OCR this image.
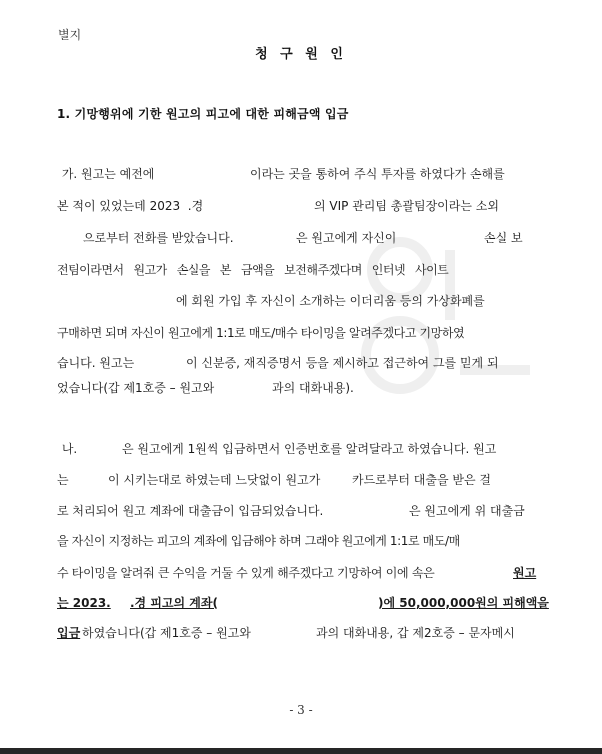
별지
청 구 원 인
1. 기망행위에 기한 원고의 피고에 대한 피해금액 입금
가. 원고는 예전에	이라는 곳을 통하여 주식 투자를 하였다가 손해를
본 적이 있었는데 2023  .경	의 VIP 관리팀 총괄팀장이라는 소외
으로부터 전화를 받았습니다.	은 원고에게 자신이	손실 보
전팀이라면서   원고가   손실을   본   금액을   보전해주겠다며   인터넷   사이트
에 회원 가입 후 자신이 소개하는 이더리움 등의 가상화폐를
구매하면 되며 자신이 원고에게 1:1로 매도/매수 타이밍을 알려주겠다고 기망하였
습니다. 원고는	이 신분증, 재직증명서 등을 제시하고 접근하여 그를 믿게 되
었습니다(갑 제1호증 – 원고와	과의 대화내용).
나.	은 원고에게 1원씩 입금하면서 인증번호를 알려달라고 하였습니다. 원고
는	이 시키는대로 하였는데 느닷없이 원고가	카드로부터 대출을 받은 걸
로 처리되어 원고 계좌에 대출금이 입금되었습니다.	은 원고에게 위 대출금
을 자신이 지정하는 피고의 계좌에 입금해야 하며 그래야 원고에게 1:1로 매도/매
수 타이밍을 알려줘 큰 수익을 거둘 수 있게 해주겠다고 기망하여 이에 속은	원고
는 2023. .경 피고의 계좌(	)에 50,000,000원의 피해액을
입금 하였습니다(갑 제1호증 – 원고와	과의 대화내용, 갑 제2호증 – 문자메시
- 3 -
